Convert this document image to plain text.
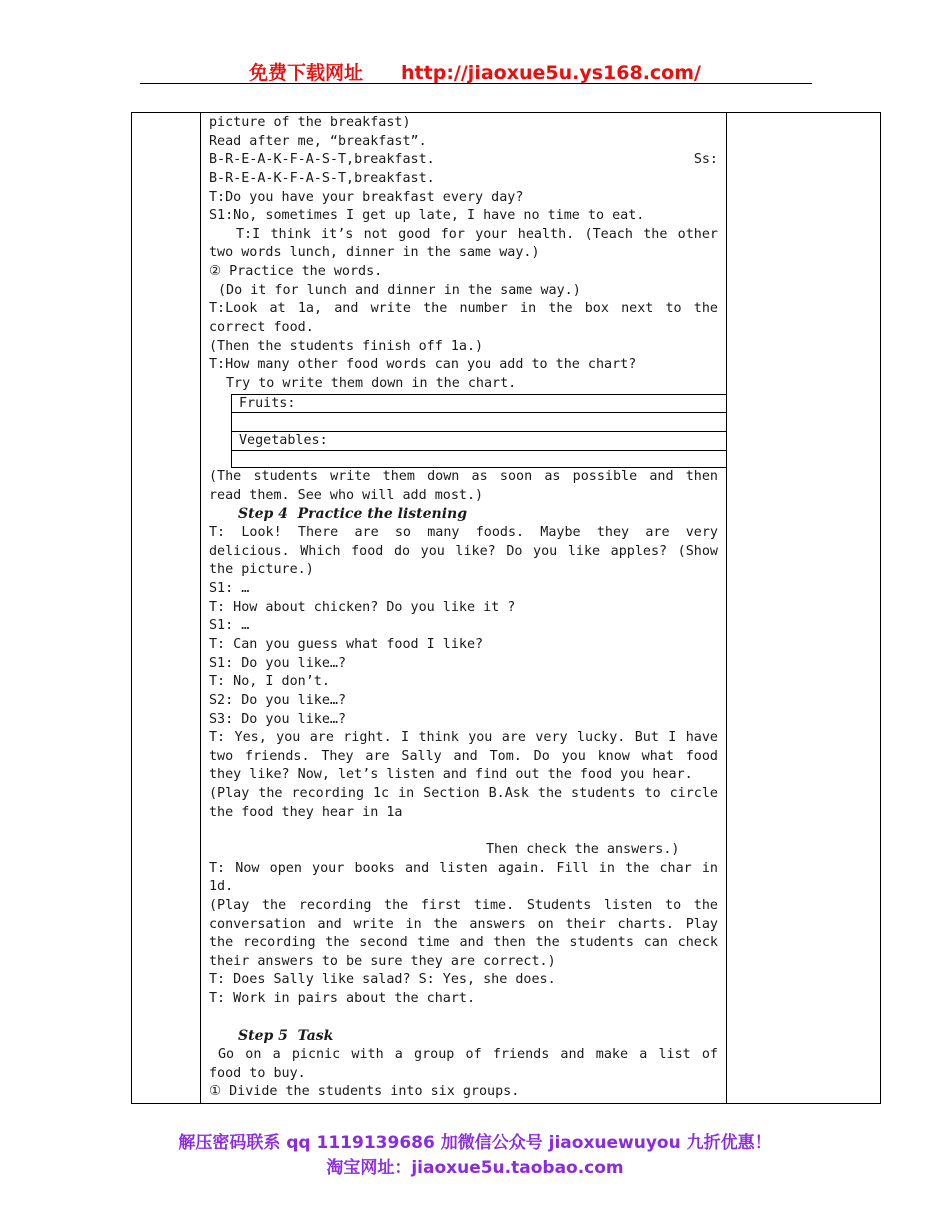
免费下载网址 http://jiaoxue5u.ys168.com/
picture of the breakfast)
Read after me, “breakfast”.
B-R-E-A-K-F-A-S-T,breakfast.	Ss:
B-R-E-A-K-F-A-S-T,breakfast.
T:Do you have your breakfast every day?
S1:No, sometimes I get up late, I have no time to eat.
T:I think it’s not good for your health. (Teach the other
two words lunch, dinner in the same way.)
② Practice the words.
(Do it for lunch and dinner in the same way.)
T:Look at 1a, and write the number in the box next to the
correct food.
(Then the students finish off 1a.)
T:How many other food words can you add to the chart?
Try to write them down in the chart.
Fruits:
Vegetables:
(The students write them down as soon as possible and then
read them. See who will add most.)
Step 4  Practice the listening
T: Look! There are so many foods. Maybe they are very
delicious. Which food do you like? Do you like apples? (Show
the picture.)
S1: …
T: How about chicken? Do you like it ?
S1: …
T: Can you guess what food I like?
S1: Do you like…?
T: No, I don’t.
S2: Do you like…?
S3: Do you like…?
T: Yes, you are right. I think you are very lucky. But I have
two friends. They are Sally and Tom. Do you know what food
they like? Now, let’s listen and find out the food you hear.
(Play the recording 1c in Section B.Ask the students to circle
the food they hear in 1a
Then check the answers.)
T: Now open your books and listen again. Fill in the char in
1d.
(Play the recording the first time. Students listen to the
conversation and write in the answers on their charts. Play
the recording the second time and then the students can check
their answers to be sure they are correct.)
T: Does Sally like salad? S: Yes, she does.
T: Work in pairs about the chart.
Step 5  Task
Go on a picnic with a group of friends and make a list of
food to buy.
① Divide the students into six groups.
解压密码联系 qq 1119139686 加微信公众号 jiaoxuewuyou 九折优惠！
淘宝网址：jiaoxue5u.taobao.com
